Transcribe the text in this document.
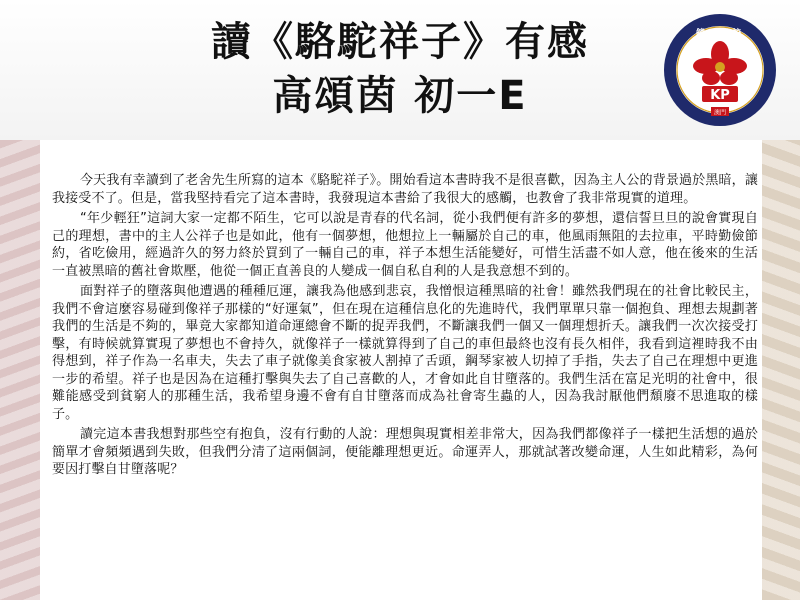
讀《駱駝祥子》有感
高頌茵 初一E
鏡平學校
KP
澳門

今天我有幸讀到了老舍先生所寫的這本《駱駝祥子》。開始看這本書時我不是很喜歡，因為主人公的背景過於黑暗，讓我接受不了。但是，當我堅持看完了這本書時，我發現這本書給了我很大的感觸，也教會了我非常現實的道理。

“年少輕狂”這詞大家一定都不陌生，它可以說是青春的代名詞，從小我們便有許多的夢想，還信誓旦旦的說會實現自己的理想，書中的主人公祥子也是如此，他有一個夢想，他想拉上一輛屬於自己的車，他風雨無阻的去拉車，平時勤儉節約，省吃儉用，經過許久的努力終於買到了一輛自己的車，祥子本想生活能變好，可惜生活盡不如人意，他在後來的生活一直被黑暗的舊社會欺壓，他從一個正直善良的人變成一個自私自利的人是我意想不到的。

面對祥子的墮落與他遭遇的種種厄運，讓我為他感到悲哀，我憎恨這種黑暗的社會！雖然我們現在的社會比較民主，我們不會這麼容易碰到像祥子那樣的“好運氣”，但在現在這種信息化的先進時代，我們單單只靠一個抱負、理想去規劃著我們的生活是不夠的，畢竟大家都知道命運總會不斷的捉弄我們，不斷讓我們一個又一個理想折夭。讓我們一次次接受打擊，有時候就算實現了夢想也不會持久，就像祥子一樣就算得到了自己的車但最終也沒有長久相伴，我看到這裡時我不由得想到，祥子作為一名車夫，失去了車子就像美食家被人割掉了舌頭，鋼琴家被人切掉了手指，失去了自己在理想中更進一步的希望。祥子也是因為在這種打擊與失去了自己喜歡的人，才會如此自甘墮落的。我們生活在富足光明的社會中，很難能感受到貧窮人的那種生活，我希望身邊不會有自甘墮落而成為社會寄生蟲的人，因為我討厭他們頹廢不思進取的樣子。

讀完這本書我想對那些空有抱負，沒有行動的人說：理想與現實相差非常大，因為我們都像祥子一樣把生活想的過於簡單才會頻頻遇到失敗，但我們分清了這兩個詞，便能離理想更近。命運弄人，那就試著改變命運，人生如此精彩，為何要因打擊自甘墮落呢？
